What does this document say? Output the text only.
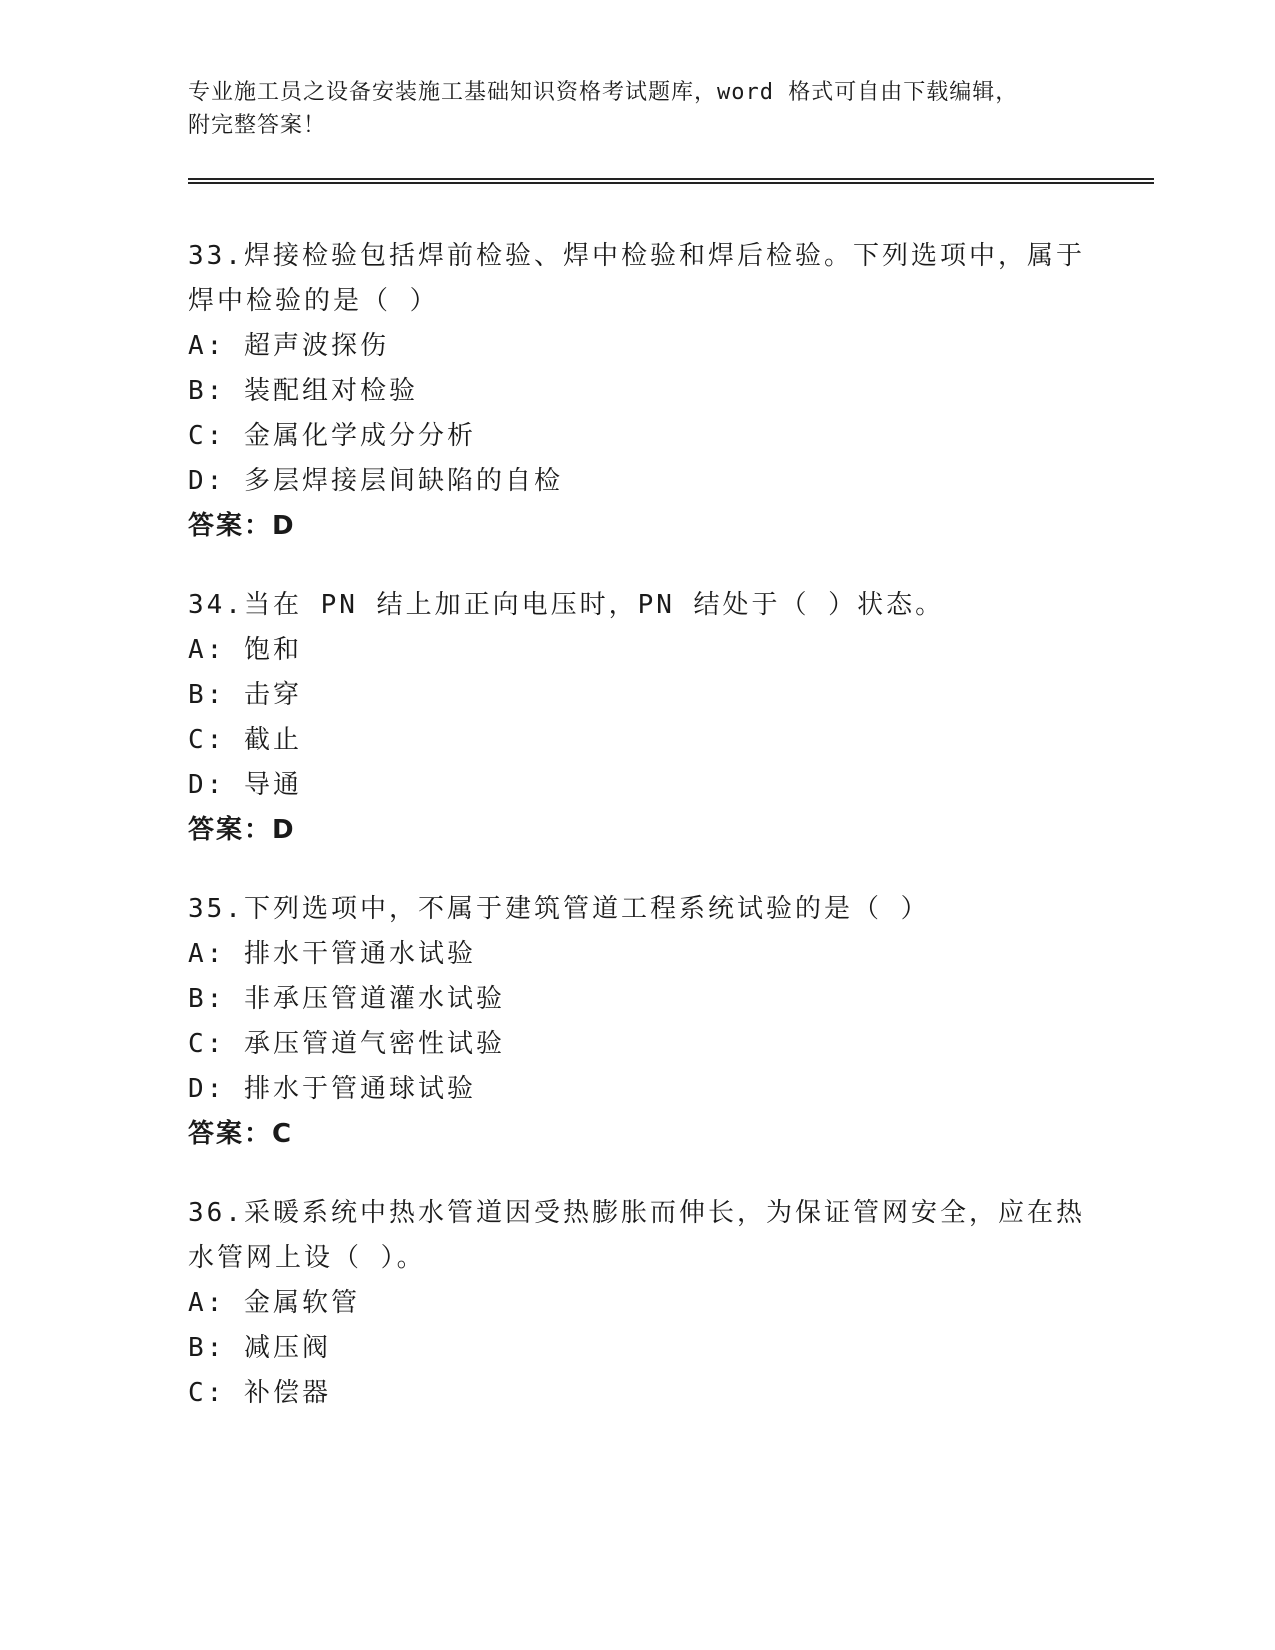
专业施工员之设备安装施工基础知识资格考试题库，word 格式可自由下载编辑，
附完整答案！

33.焊接检验包括焊前检验、焊中检验和焊后检验。下列选项中，属于

焊中检验的是（ ）

A: 超声波探伤

B: 装配组对检验

C: 金属化学成分分析

D: 多层焊接层间缺陷的自检

答案：D

34.当在 PN 结上加正向电压时，PN 结处于（ ）状态。

A: 饱和

B: 击穿

C: 截止

D: 导通

答案：D

35.下列选项中，不属于建筑管道工程系统试验的是（ ）

A: 排水干管通水试验

B: 非承压管道灌水试验

C: 承压管道气密性试验

D: 排水于管通球试验

答案：C

36.采暖系统中热水管道因受热膨胀而伸长，为保证管网安全，应在热

水管网上设（ ）。

A: 金属软管

B: 减压阀

C: 补偿器
